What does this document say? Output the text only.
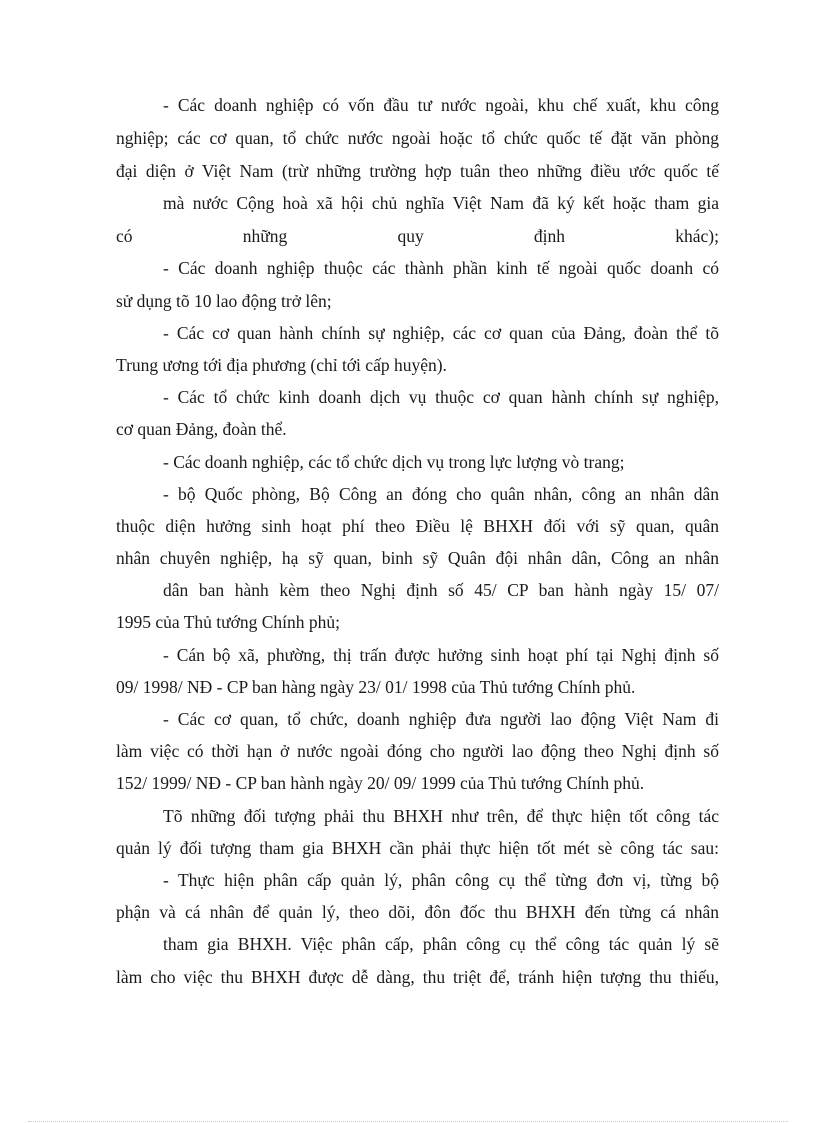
- Các doanh nghiệp có vốn đầu tư nước ngoài, khu chế xuất, khu công
nghiệp; các cơ quan, tổ chức nước ngoài hoặc tổ chức quốc tế đặt văn phòng
đại diện ở Việt Nam (trừ những trường hợp tuân theo những điều ước quốc tế
mà nước Cộng hoà xã hội chủ nghĩa Việt Nam đã ký kết hoặc tham gia
có những quy định khác);
- Các doanh nghiệp thuộc các thành phần kinh tế ngoài quốc doanh có
sử dụng tõ 10 lao động trở lên;
- Các cơ quan hành chính sự nghiệp, các cơ quan của Đảng, đoàn thể tõ
Trung ương tới địa phương (chỉ tới cấp huyện).
- Các tổ chức kinh doanh dịch vụ thuộc cơ quan hành chính sự nghiệp,
cơ quan Đảng, đoàn thể.
- Các doanh nghiệp, các tổ chức dịch vụ trong lực lượng vò trang;
- bộ Quốc phòng, Bộ Công an đóng cho quân nhân, công an nhân dân
thuộc diện hưởng sinh hoạt phí theo Điều lệ BHXH đối với sỹ quan, quân
nhân chuyên nghiệp, hạ sỹ quan, binh sỹ Quân đội nhân dân, Công an nhân
dân ban hành kèm theo Nghị định số 45/ CP ban hành ngày 15/ 07/
1995 của Thủ tướng Chính phủ;
- Cán bộ xã, phường, thị trấn được hưởng sinh hoạt phí tại Nghị định số
09/ 1998/ NĐ - CP ban hàng ngày 23/ 01/ 1998 của Thủ tướng Chính phủ.
- Các cơ quan, tổ chức, doanh nghiệp đưa người lao động Việt Nam đi
làm việc có thời hạn ở nước ngoài đóng cho người lao động theo Nghị định số
152/ 1999/ NĐ - CP ban hành ngày 20/ 09/ 1999 của Thủ tướng Chính phủ.
Tõ những đối tượng phải thu BHXH như trên, để thực hiện tốt công tác
quản lý đối tượng tham gia BHXH cần phải thực hiện tốt mét sè công tác sau:
- Thực hiện phân cấp quản lý, phân công cụ thể từng đơn vị, từng bộ
phận và cá nhân để quản lý, theo dõi, đôn đốc thu BHXH đến từng cá nhân
tham gia BHXH. Việc phân cấp, phân công cụ thể công tác quản lý sẽ
làm cho việc thu BHXH được dễ dàng, thu triệt để, tránh hiện tượng thu thiếu,
